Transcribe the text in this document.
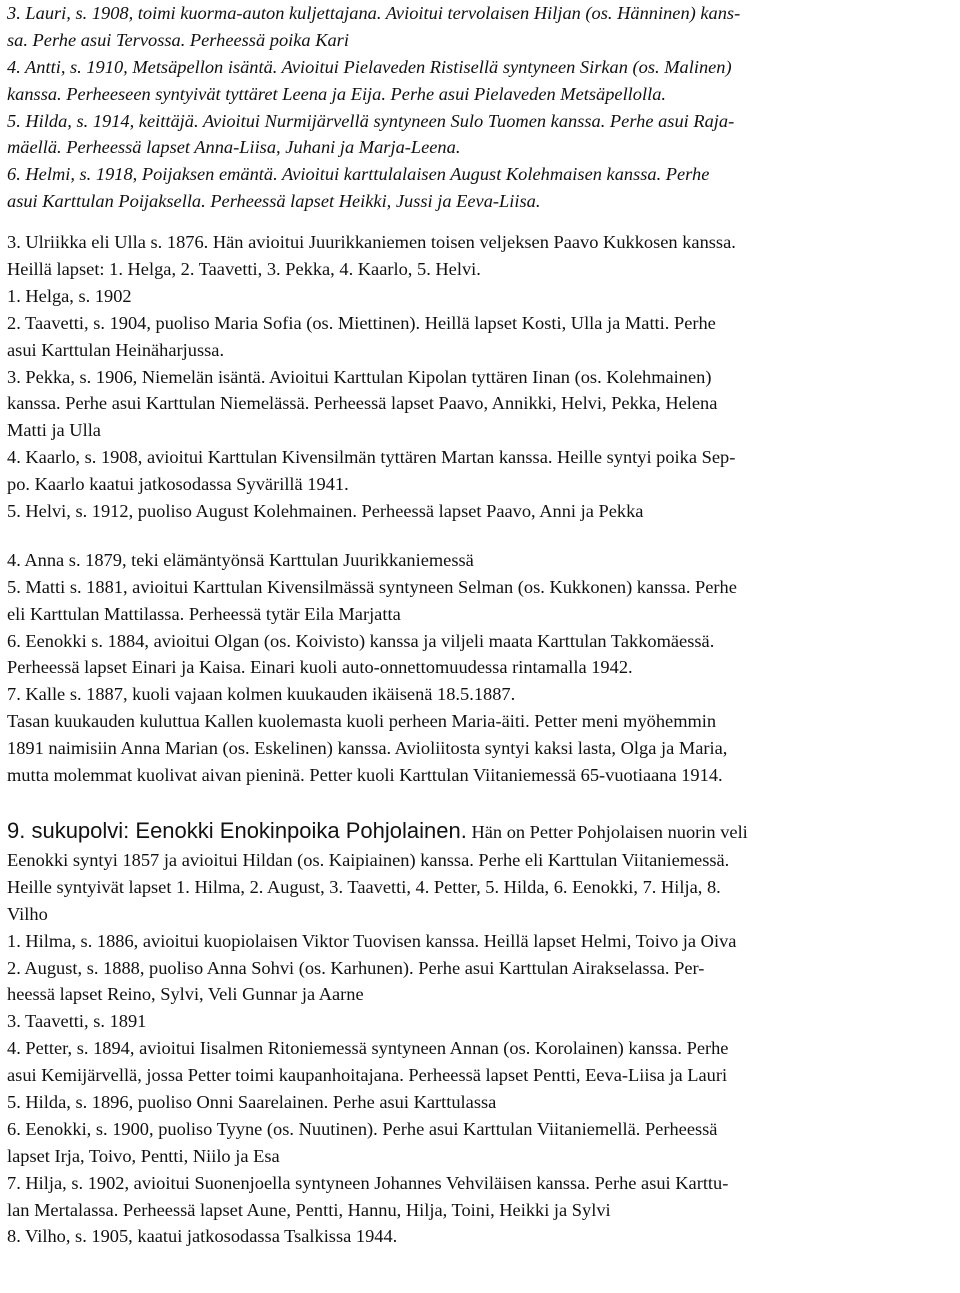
3. Lauri, s. 1908, toimi kuorma-auton kuljettajana. Avioitui tervolaisen Hiljan (os. Hänninen) kans-
sa. Perhe asui Tervossa. Perheessä poika Kari
4. Antti, s. 1910, Metsäpellon isäntä. Avioitui Pielaveden Ristisellä syntyneen Sirkan (os. Malinen)
kanssa. Perheeseen syntyivät tyttäret Leena ja Eija. Perhe asui Pielaveden Metsäpellolla.
5. Hilda, s. 1914, keittäjä. Avioitui Nurmijärvellä syntyneen Sulo Tuomen kanssa. Perhe asui Raja-
mäellä. Perheessä lapset Anna-Liisa, Juhani ja Marja-Leena.
6. Helmi, s. 1918, Poijaksen emäntä. Avioitui karttulalaisen August Kolehmaisen kanssa. Perhe
asui Karttulan Poijaksella. Perheessä lapset Heikki, Jussi ja Eeva-Liisa.
3. Ulriikka eli Ulla s. 1876. Hän avioitui Juurikkaniemen toisen veljeksen Paavo Kukkosen kanssa.
Heillä lapset: 1. Helga, 2. Taavetti, 3. Pekka, 4. Kaarlo, 5. Helvi.
1. Helga, s. 1902
2. Taavetti, s. 1904, puoliso Maria Sofia (os. Miettinen). Heillä lapset Kosti, Ulla ja Matti. Perhe
asui Karttulan Heinäharjussa.
3. Pekka, s. 1906, Niemelän isäntä. Avioitui Karttulan Kipolan tyttären Iinan (os. Kolehmainen)
kanssa. Perhe asui Karttulan Niemelässä. Perheessä lapset Paavo, Annikki, Helvi, Pekka, Helena
Matti ja Ulla
4. Kaarlo, s. 1908, avioitui Karttulan Kivensilmän tyttären Martan kanssa. Heille syntyi poika Sep-
po. Kaarlo kaatui jatkosodassa Syvärillä 1941.
5. Helvi, s. 1912, puoliso August Kolehmainen. Perheessä lapset Paavo, Anni ja Pekka
4. Anna s. 1879, teki elämäntyönsä Karttulan Juurikkaniemessä
5. Matti s. 1881, avioitui Karttulan Kivensilmässä syntyneen Selman (os. Kukkonen) kanssa. Perhe
eli Karttulan Mattilassa. Perheessä tytär Eila Marjatta
6. Eenokki s. 1884, avioitui Olgan (os. Koivisto) kanssa ja viljeli maata Karttulan Takkomäessä.
Perheessä lapset Einari ja Kaisa. Einari kuoli auto-onnettomuudessa rintamalla 1942.
7. Kalle s. 1887, kuoli vajaan kolmen kuukauden ikäisenä 18.5.1887.
Tasan kuukauden kuluttua Kallen kuolemasta kuoli perheen Maria-äiti. Petter meni myöhemmin
1891 naimisiin Anna Marian (os. Eskelinen) kanssa. Avioliitosta syntyi kaksi lasta, Olga ja Maria,
mutta molemmat kuolivat aivan pieninä. Petter kuoli Karttulan Viitaniemessä 65-vuotiaana 1914.
9. sukupolvi: Eenokki Enokinpoika Pohjolainen. Hän on Petter Pohjolaisen nuorin veli
Eenokki syntyi 1857 ja avioitui Hildan (os. Kaipiainen) kanssa. Perhe eli Karttulan Viitaniemessä.
Heille syntyivät lapset 1. Hilma, 2. August, 3. Taavetti, 4. Petter, 5. Hilda, 6. Eenokki, 7. Hilja, 8.
Vilho
1. Hilma, s. 1886, avioitui kuopiolaisen Viktor Tuovisen kanssa. Heillä lapset Helmi, Toivo ja Oiva
2. August, s. 1888, puoliso Anna Sohvi (os. Karhunen). Perhe asui Karttulan Airakselassa. Per-
heessä lapset Reino, Sylvi, Veli Gunnar ja Aarne
3. Taavetti, s. 1891
4. Petter, s. 1894, avioitui Iisalmen Ritoniemessä syntyneen Annan (os. Korolainen) kanssa. Perhe
asui Kemijärvellä, jossa Petter toimi kaupanhoitajana. Perheessä lapset Pentti, Eeva-Liisa ja Lauri
5. Hilda, s. 1896, puoliso Onni Saarelainen. Perhe asui Karttulassa
6. Eenokki, s. 1900, puoliso Tyyne (os. Nuutinen). Perhe asui Karttulan Viitaniemellä. Perheessä
lapset Irja, Toivo, Pentti, Niilo ja Esa
7. Hilja, s. 1902, avioitui Suonenjoella syntyneen Johannes Vehviläisen kanssa. Perhe asui Karttu-
lan Mertalassa. Perheessä lapset Aune, Pentti, Hannu, Hilja, Toini, Heikki ja Sylvi
8. Vilho, s. 1905, kaatui jatkosodassa Tsalkissa 1944.
